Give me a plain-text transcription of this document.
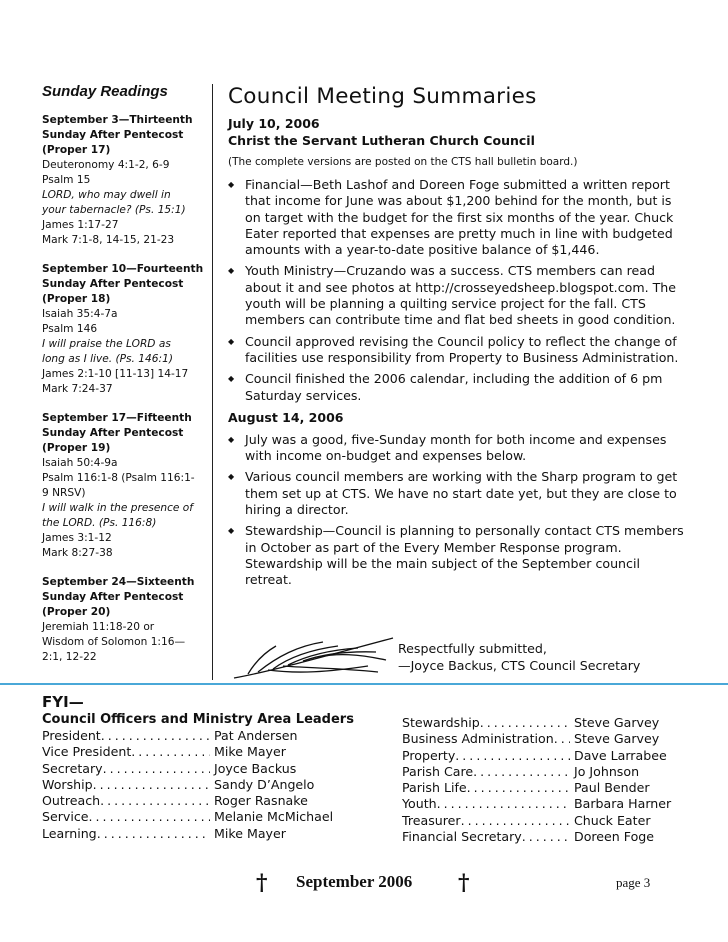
Sunday Readings
September 3—Thirteenth
Sunday After Pentecost
(Proper 17)
Deuteronomy 4:1-2, 6-9
Psalm 15
LORD, who may dwell in
your tabernacle? (Ps. 15:1)
James 1:17-27
Mark 7:1-8, 14-15, 21-23
September 10—Fourteenth
Sunday After Pentecost
(Proper 18)
Isaiah 35:4-7a
Psalm 146
I will praise the LORD as
long as I live. (Ps. 146:1)
James 2:1-10 [11-13] 14-17
Mark 7:24-37
September 17—Fifteenth
Sunday After Pentecost
(Proper 19)
Isaiah 50:4-9a
Psalm 116:1-8 (Psalm 116:1-
9 NRSV)
I will walk in the presence of
the LORD. (Ps. 116:8)
James 3:1-12
Mark 8:27-38
September 24—Sixteenth
Sunday After Pentecost
(Proper 20)
Jeremiah 11:18-20 or
Wisdom of Solomon 1:16—
2:1, 12-22
Council Meeting Summaries
July 10, 2006
Christ the Servant Lutheran Church Council
(The complete versions are posted on the CTS hall bulletin board.)
◆ Financial—Beth Lashof and Doreen Foge submitted a written report that income for June was about $1,200 behind for the month, but is on target with the budget for the first six months of the year. Chuck Eater reported that expenses are pretty much in line with budgeted amounts with a year-to-date positive balance of $1,446.
◆ Youth Ministry—Cruzando was a success. CTS members can read about it and see photos at http://crosseyedsheep.blogspot.com. The youth will be planning a quilting service project for the fall. CTS members can contribute time and flat bed sheets in good condition.
◆ Council approved revising the Council policy to reflect the change of facilities use responsibility from Property to Business Administration.
◆ Council finished the 2006 calendar, including the addition of 6 pm Saturday services.
August 14, 2006
◆ July was a good, five-Sunday month for both income and expenses with income on-budget and expenses below.
◆ Various council members are working with the Sharp program to get them set up at CTS. We have no start date yet, but they are close to hiring a director.
◆ Stewardship—Council is planning to personally contact CTS members in October as part of the Every Member Response program. Stewardship will be the main subject of the September council retreat.
Respectfully submitted,
—Joyce Backus, CTS Council Secretary
FYI—
Council Officers and Ministry Area Leaders
President . . .	Pat Andersen
Vice President . . .	Mike Mayer
Secretary . . .	Joyce Backus
Worship . . .	Sandy D’Angelo
Outreach . . .	Roger Rasnake
Service . . .	Melanie McMichael
Learning . . .	Mike Mayer
Stewardship . . .	Steve Garvey
Business Administration . . .	Steve Garvey
Property . . .	Dave Larrabee
Parish Care . . .	Jo Johnson
Parish Life . . .	Paul Bender
Youth . . .	Barbara Harner
Treasurer . . .	Chuck Eater
Financial Secretary . . .	Doreen Foge
† September 2006 †	page 3
